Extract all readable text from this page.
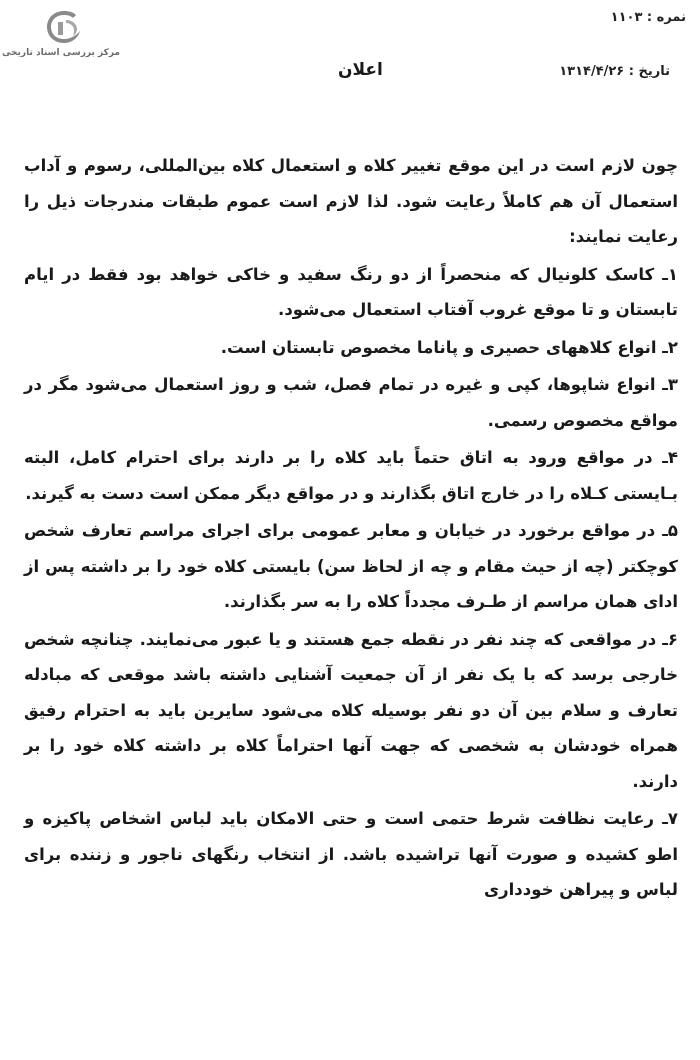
مرکز بررسی اسناد تاریخی
نمره : ۱۱۰۳
تاریخ : ۱۳۱۴/۴/۲۶
اعلان

چون لازم است در این موقع تغییر کلاه و استعمال کلاه بین‌المللی، رسوم و آداب استعمال آن هم کاملاً رعایت شود. لذا لازم است عموم طبقات مندرجات ذیل را رعایت نمایند:

۱ـ کاسک کلونیال که منحصراً از دو رنگ سفید و خاکی خواهد بود فقط در ایام تابستان و تا موقع غروب آفتاب استعمال می‌شود.

۲ـ انواع کلاههای حصیری و پاناما مخصوص تابستان است.

۳ـ انواع شاپوها، کپی و غیره در تمام فصل، شب و روز استعمال می‌شود مگر در مواقع مخصوص رسمی.

۴ـ در مواقع ورود به اتاق حتماً باید کلاه را بر دارند برای احترام کامل، البته بـایستی کـلاه را در خارج اتاق بگذارند و در مواقع دیگر ممکن است دست به گیرند.

۵ـ در مواقع برخورد در خیابان و معابر عمومی برای اجرای مراسم تعارف شخص کوچکتر (چه از حیث مقام و چه از لحاظ سن) بایستی کلاه خود را بر داشته پس از ادای همان مراسم از طـرف مجدداً کلاه را به سر بگذارند.

۶ـ در مواقعی که چند نفر در نقطه جمع هستند و یا عبور می‌نمایند. چنانچه شخص خارجی برسد که با یک نفر از آن جمعیت آشنایی داشته باشد موقعی که مبادله تعارف و سلام بین آن دو نفر بوسیله کلاه می‌شود سایرین باید به احترام رفیق همراه خودشان به شخصی که جهت آنها احتراماً کلاه بر داشته کلاه خود را بر دارند.

۷ـ رعایت نظافت شرط حتمی است و حتی الامکان باید لباس اشخاص پاکیزه و اطو کشیده و صورت آنها تراشیده باشد. از انتخاب رنگهای ناجور و زننده برای لباس و پیراهن خودداری
